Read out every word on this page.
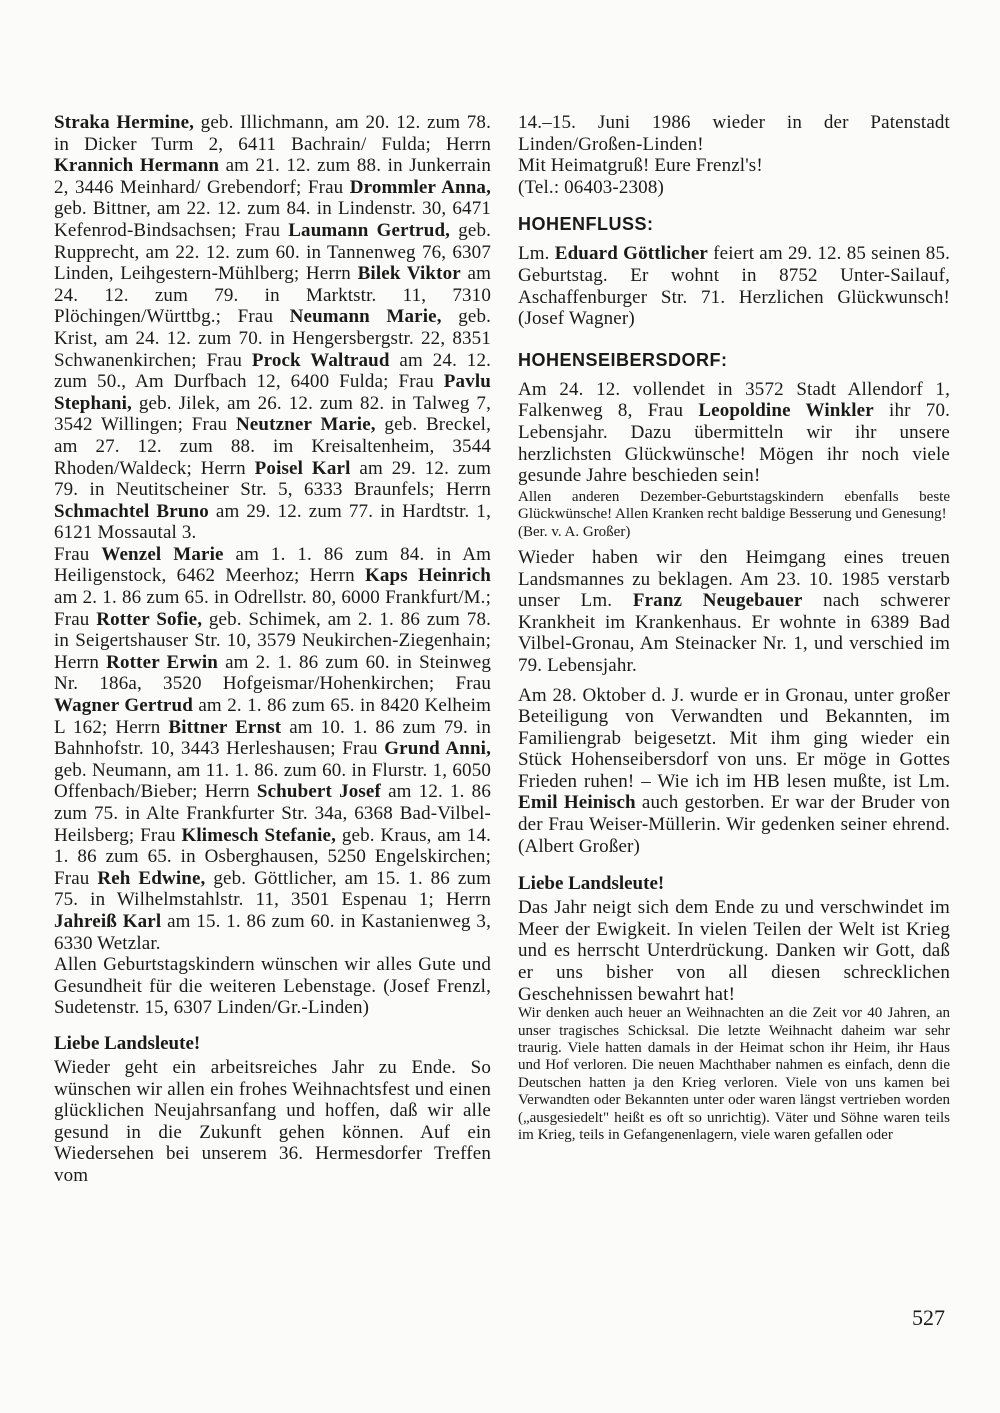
Straka Hermine, geb. Illichmann, am 20. 12. zum 78. in Dicker Turm 2, 6411 Bachrain/ Fulda; Herrn Krannich Hermann am 21. 12. zum 88. in Junkerrain 2, 3446 Meinhard/ Grebendorf; Frau Drommler Anna, geb. Bittner, am 22. 12. zum 84. in Lindenstr. 30, 6471 Kefenrod-Bindsachsen; Frau Laumann Gertrud, geb. Rupprecht, am 22. 12. zum 60. in Tannenweg 76, 6307 Linden, Leihgestern-Mühlberg; Herrn Bilek Viktor am 24. 12. zum 79. in Marktstr. 11, 7310 Plöchingen/Württbg.; Frau Neumann Marie, geb. Krist, am 24. 12. zum 70. in Hengersbergstr. 22, 8351 Schwanenkirchen; Frau Prock Waltraud am 24. 12. zum 50., Am Durfbach 12, 6400 Fulda; Frau Pavlu Stephani, geb. Jilek, am 26. 12. zum 82. in Talweg 7, 3542 Willingen; Frau Neutzner Marie, geb. Breckel, am 27. 12. zum 88. im Kreisaltenheim, 3544 Rhoden/Waldeck; Herrn Poisel Karl am 29. 12. zum 79. in Neutitscheiner Str. 5, 6333 Braunfels; Herrn Schmachtel Bruno am 29. 12. zum 77. in Hardtstr. 1, 6121 Mossautal 3.

Frau Wenzel Marie am 1. 1. 86 zum 84. in Am Heiligenstock, 6462 Meerhoz; Herrn Kaps Heinrich am 2. 1. 86 zum 65. in Odrellstr. 80, 6000 Frankfurt/M.; Frau Rotter Sofie, geb. Schimek, am 2. 1. 86 zum 78. in Seigertshauser Str. 10, 3579 Neukirchen-Ziegenhain; Herrn Rotter Erwin am 2. 1. 86 zum 60. in Steinweg Nr. 186a, 3520 Hofgeismar/Hohenkirchen; Frau Wagner Gertrud am 2. 1. 86 zum 65. in 8420 Kelheim L 162; Herrn Bittner Ernst am 10. 1. 86 zum 79. in Bahnhofstr. 10, 3443 Herleshausen; Frau Grund Anni, geb. Neumann, am 11. 1. 86. zum 60. in Flurstr. 1, 6050 Offenbach/Bieber; Herrn Schubert Josef am 12. 1. 86 zum 75. in Alte Frankfurter Str. 34a, 6368 Bad-Vilbel-Heilsberg; Frau Klimesch Stefanie, geb. Kraus, am 14. 1. 86 zum 65. in Osberghausen, 5250 Engelskirchen; Frau Reh Edwine, geb. Göttlicher, am 15. 1. 86 zum 75. in Wilhelmstahlstr. 11, 3501 Espenau 1; Herrn Jahreiß Karl am 15. 1. 86 zum 60. in Kastanienweg 3, 6330 Wetzlar.

Allen Geburtstagskindern wünschen wir alles Gute und Gesundheit für die weiteren Lebenstage. (Josef Frenzl, Sudetenstr. 15, 6307 Linden/Gr.-Linden)

Liebe Landsleute!

Wieder geht ein arbeitsreiches Jahr zu Ende. So wünschen wir allen ein frohes Weihnachtsfest und einen glücklichen Neujahrsanfang und hoffen, daß wir alle gesund in die Zukunft gehen können. Auf ein Wiedersehen bei unserem 36. Hermesdorfer Treffen vom

14.–15. Juni 1986 wieder in der Patenstadt Linden/Großen-Linden!

Mit Heimatgruß! Eure Frenzl's!

(Tel.: 06403-2308)

HOHENFLUSS:

Lm. Eduard Göttlicher feiert am 29. 12. 85 seinen 85. Geburtstag. Er wohnt in 8752 Unter-Sailauf, Aschaffenburger Str. 71. Herzlichen Glückwunsch! (Josef Wagner)

HOHENSEIBERSDORF:

Am 24. 12. vollendet in 3572 Stadt Allendorf 1, Falkenweg 8, Frau Leopoldine Winkler ihr 70. Lebensjahr. Dazu übermitteln wir ihr unsere herzlichsten Glückwünsche! Mögen ihr noch viele gesunde Jahre beschieden sein!

Allen anderen Dezember-Geburtstagskindern ebenfalls beste Glückwünsche! Allen Kranken recht baldige Besserung und Genesung!

(Ber. v. A. Großer)

Wieder haben wir den Heimgang eines treuen Landsmannes zu beklagen. Am 23. 10. 1985 verstarb unser Lm. Franz Neugebauer nach schwerer Krankheit im Krankenhaus. Er wohnte in 6389 Bad Vilbel-Gronau, Am Steinacker Nr. 1, und verschied im 79. Lebensjahr.

Am 28. Oktober d. J. wurde er in Gronau, unter großer Beteiligung von Verwandten und Bekannten, im Familiengrab beigesetzt. Mit ihm ging wieder ein Stück Hohenseibersdorf von uns. Er möge in Gottes Frieden ruhen! – Wie ich im HB lesen mußte, ist Lm. Emil Heinisch auch gestorben. Er war der Bruder von der Frau Weiser-Müllerin. Wir gedenken seiner ehrend. (Albert Großer)

Liebe Landsleute!

Das Jahr neigt sich dem Ende zu und verschwindet im Meer der Ewigkeit. In vielen Teilen der Welt ist Krieg und es herrscht Unterdrückung. Danken wir Gott, daß er uns bisher von all diesen schrecklichen Geschehnissen bewahrt hat!

Wir denken auch heuer an Weihnachten an die Zeit vor 40 Jahren, an unser tragisches Schicksal. Die letzte Weihnacht daheim war sehr traurig. Viele hatten damals in der Heimat schon ihr Heim, ihr Haus und Hof verloren. Die neuen Machthaber nahmen es einfach, denn die Deutschen hatten ja den Krieg verloren. Viele von uns kamen bei Verwandten oder Bekannten unter oder waren längst vertrieben worden („ausgesiedelt" heißt es oft so unrichtig). Väter und Söhne waren teils im Krieg, teils in Gefangenenlagern, viele waren gefallen oder

527
